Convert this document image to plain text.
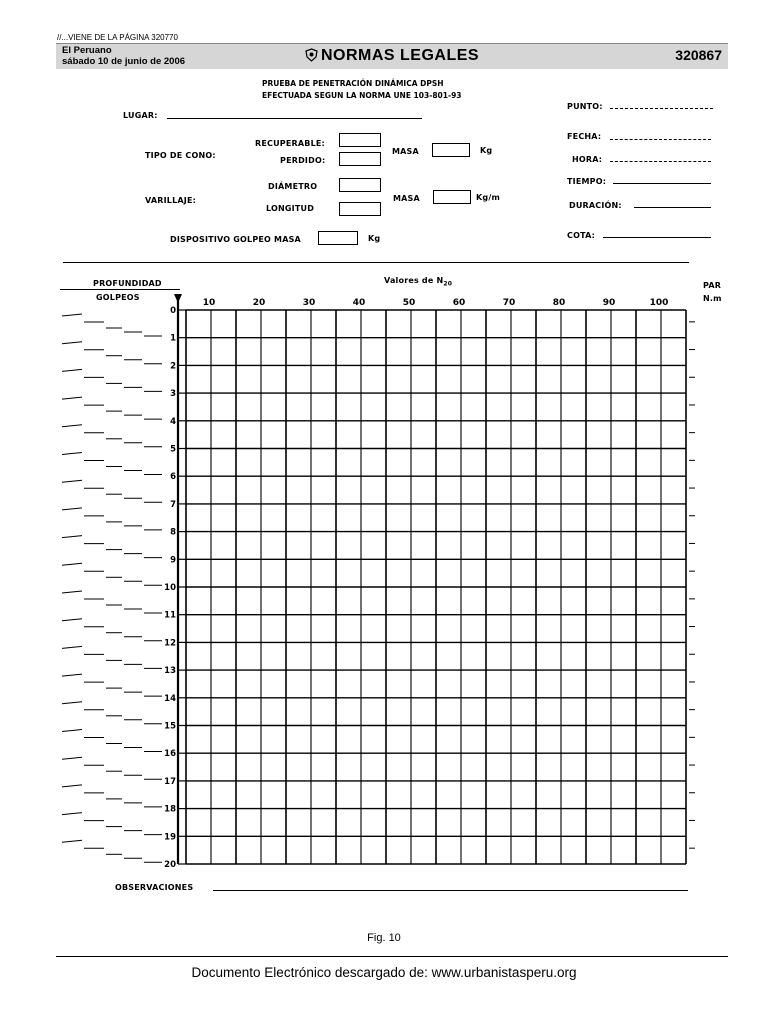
//...VIENE DE LA PÁGINA 320770
El Peruano
sábado 10 de junio de 2006	NORMAS LEGALES	320867
PRUEBA DE PENETRACIÓN DINÁMICA DPSH
EFECTUADA SEGUN LA NORMA UNE 103-801-93
LUGAR:
PUNTO:
TIPO DE CONO:
RECUPERABLE:
PERDIDO:
MASA	Kg
FECHA:
HORA:
DIÁMETRO
VARILLAJE:
LONGITUD
MASA	Kg/m
TIEMPO:
DURACIÓN:
DISPOSITIVO GOLPEO MASA	Kg	COTA:
Valores de $N_{20}$
PROFUNDIDAD
GOLPEOS
PAR
N.m
10	20	30	40	50	60	70	80	90	100
0
1
2
3
4
5
6
7
8
9
10
11
12
13
14
15
16
17
18
19
20
OBSERVACIONES
Fig. 10
Documento Electrónico descargado de: www.urbanistasperu.org
